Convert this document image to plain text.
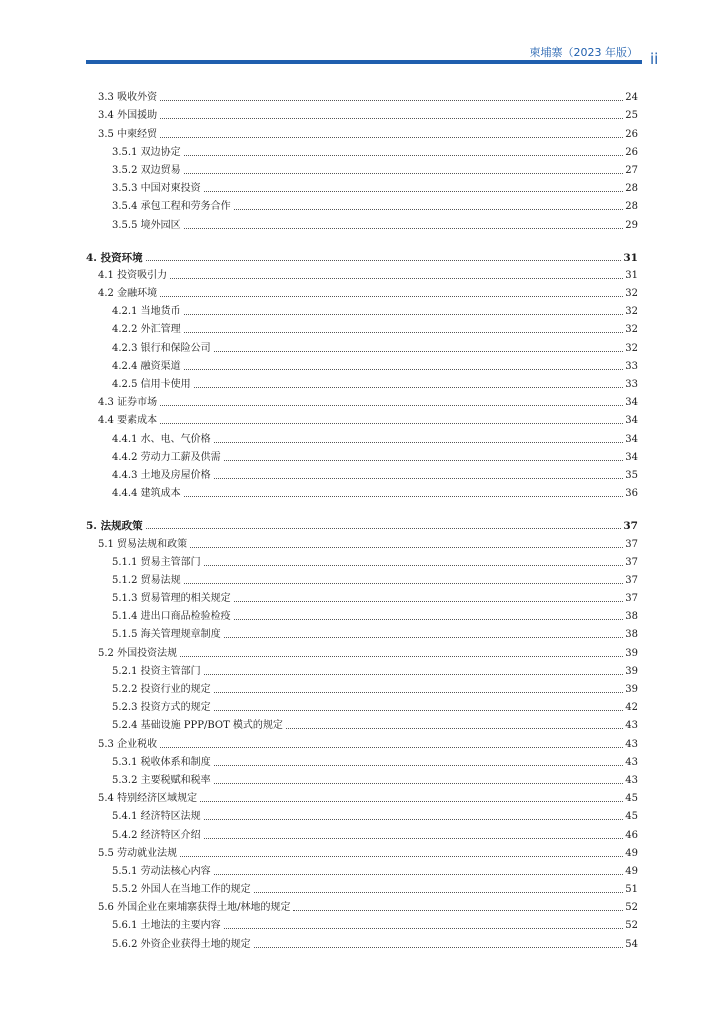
柬埔寨（2023 年版） ii
3.3 吸收外资	24
3.4 外国援助	25
3.5 中柬经贸	26
3.5.1 双边协定	26
3.5.2 双边贸易	27
3.5.3 中国对柬投资	28
3.5.4 承包工程和劳务合作	28
3.5.5 境外园区	29
4. 投资环境	31
4.1 投资吸引力	31
4.2 金融环境	32
4.2.1 当地货币	32
4.2.2 外汇管理	32
4.2.3 银行和保险公司	32
4.2.4 融资渠道	33
4.2.5 信用卡使用	33
4.3 证券市场	34
4.4 要素成本	34
4.4.1 水、电、气价格	34
4.4.2 劳动力工薪及供需	34
4.4.3 土地及房屋价格	35
4.4.4 建筑成本	36
5. 法规政策	37
5.1 贸易法规和政策	37
5.1.1 贸易主管部门	37
5.1.2 贸易法规	37
5.1.3 贸易管理的相关规定	37
5.1.4 进出口商品检验检疫	38
5.1.5 海关管理规章制度	38
5.2 外国投资法规	39
5.2.1 投资主管部门	39
5.2.2 投资行业的规定	39
5.2.3 投资方式的规定	42
5.2.4 基础设施 PPP/BOT 模式的规定	43
5.3 企业税收	43
5.3.1 税收体系和制度	43
5.3.2 主要税赋和税率	43
5.4 特别经济区域规定	45
5.4.1 经济特区法规	45
5.4.2 经济特区介绍	46
5.5 劳动就业法规	49
5.5.1 劳动法核心内容	49
5.5.2 外国人在当地工作的规定	51
5.6 外国企业在柬埔寨获得土地/林地的规定	52
5.6.1 土地法的主要内容	52
5.6.2 外资企业获得土地的规定	54
